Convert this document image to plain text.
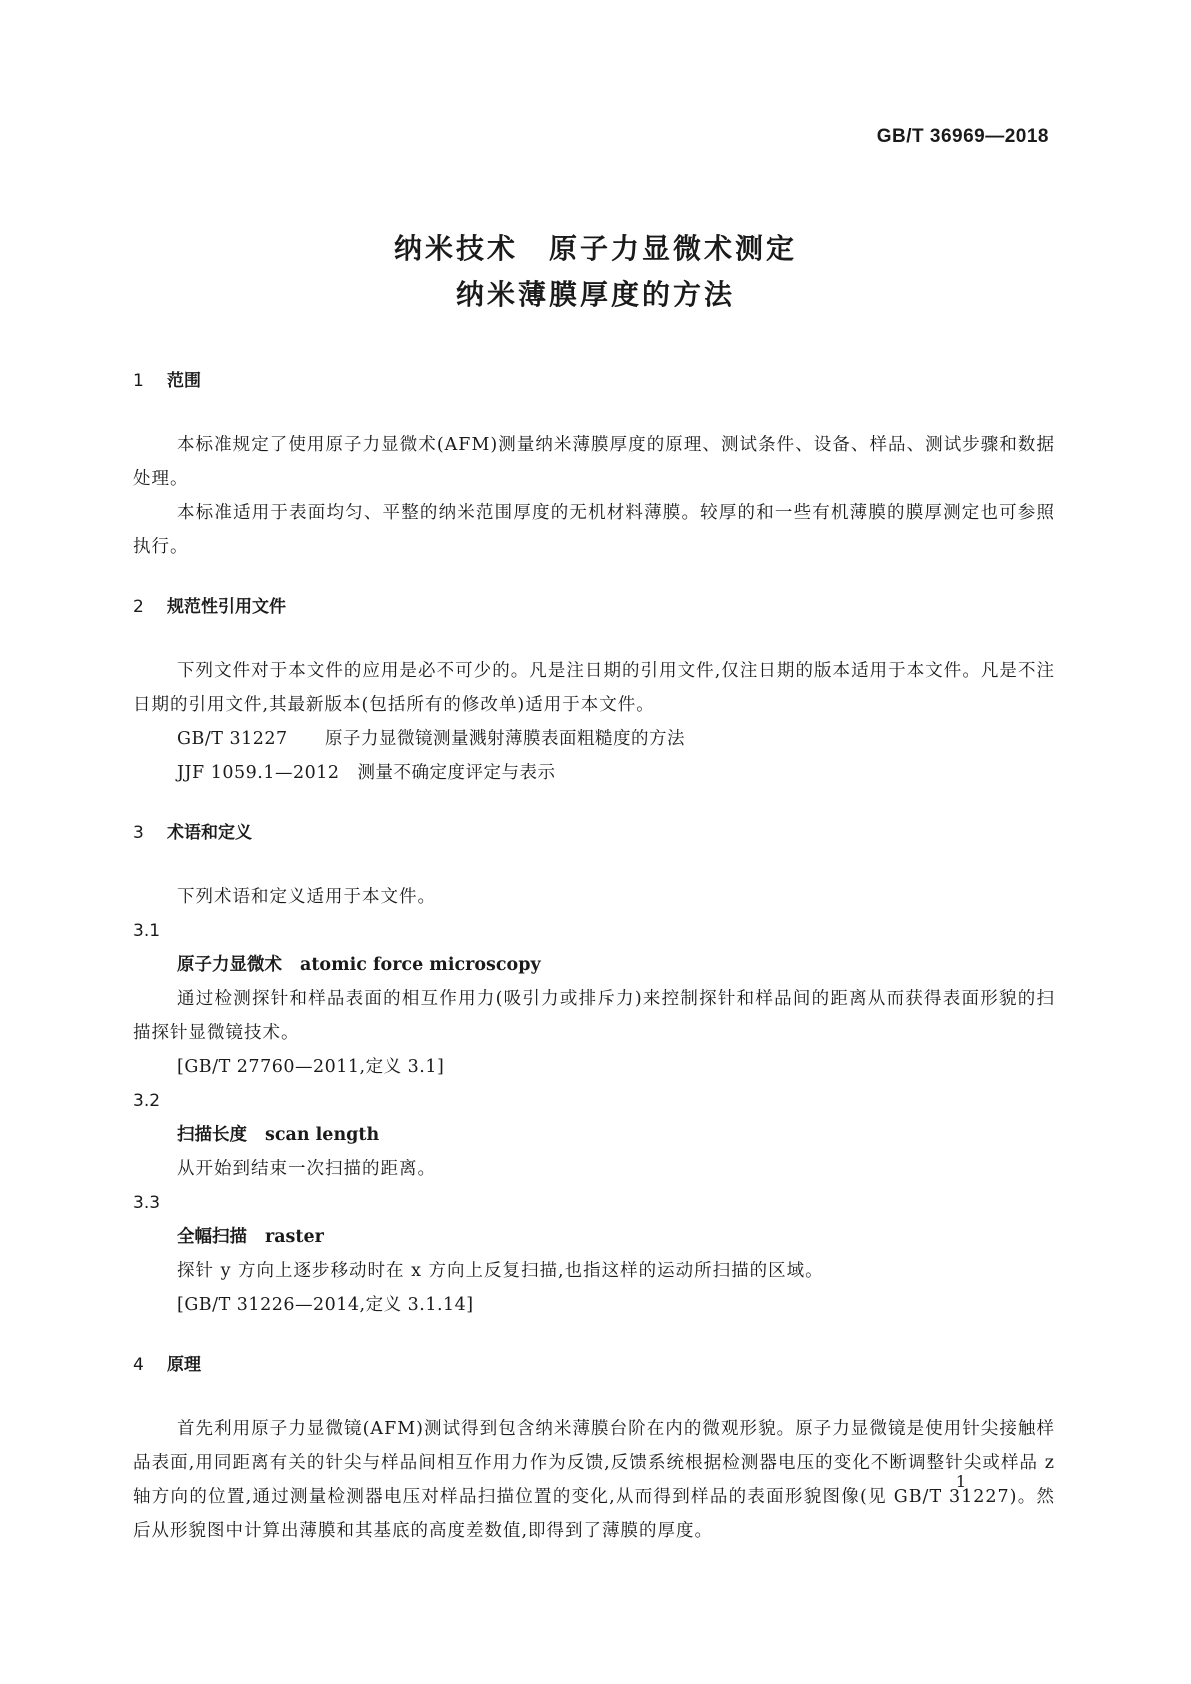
GB/T 36969—2018
纳米技术　原子力显微术测定
纳米薄膜厚度的方法
1 范围
本标准规定了使用原子力显微术(AFM)测量纳米薄膜厚度的原理、测试条件、设备、样品、测试步骤和数据处理。
本标准适用于表面均匀、平整的纳米范围厚度的无机材料薄膜。较厚的和一些有机薄膜的膜厚测定也可参照执行。
2 规范性引用文件
下列文件对于本文件的应用是必不可少的。凡是注日期的引用文件,仅注日期的版本适用于本文件。凡是不注日期的引用文件,其最新版本(包括所有的修改单)适用于本文件。
GB/T 31227 原子力显微镜测量溅射薄膜表面粗糙度的方法
JJF 1059.1—2012 测量不确定度评定与表示
3 术语和定义
下列术语和定义适用于本文件。
3.1
原子力显微术 atomic force microscopy
通过检测探针和样品表面的相互作用力(吸引力或排斥力)来控制探针和样品间的距离从而获得表面形貌的扫描探针显微镜技术。
[GB/T 27760—2011,定义 3.1]
3.2
扫描长度 scan length
从开始到结束一次扫描的距离。
3.3
全幅扫描 raster
探针 y 方向上逐步移动时在 x 方向上反复扫描,也指这样的运动所扫描的区域。
[GB/T 31226—2014,定义 3.1.14]
4 原理
首先利用原子力显微镜(AFM)测试得到包含纳米薄膜台阶在内的微观形貌。原子力显微镜是使用针尖接触样品表面,用同距离有关的针尖与样品间相互作用力作为反馈,反馈系统根据检测器电压的变化不断调整针尖或样品 z 轴方向的位置,通过测量检测器电压对样品扫描位置的变化,从而得到样品的表面形貌图像(见 GB/T 31227)。然后从形貌图中计算出薄膜和其基底的高度差数值,即得到了薄膜的厚度。
1
